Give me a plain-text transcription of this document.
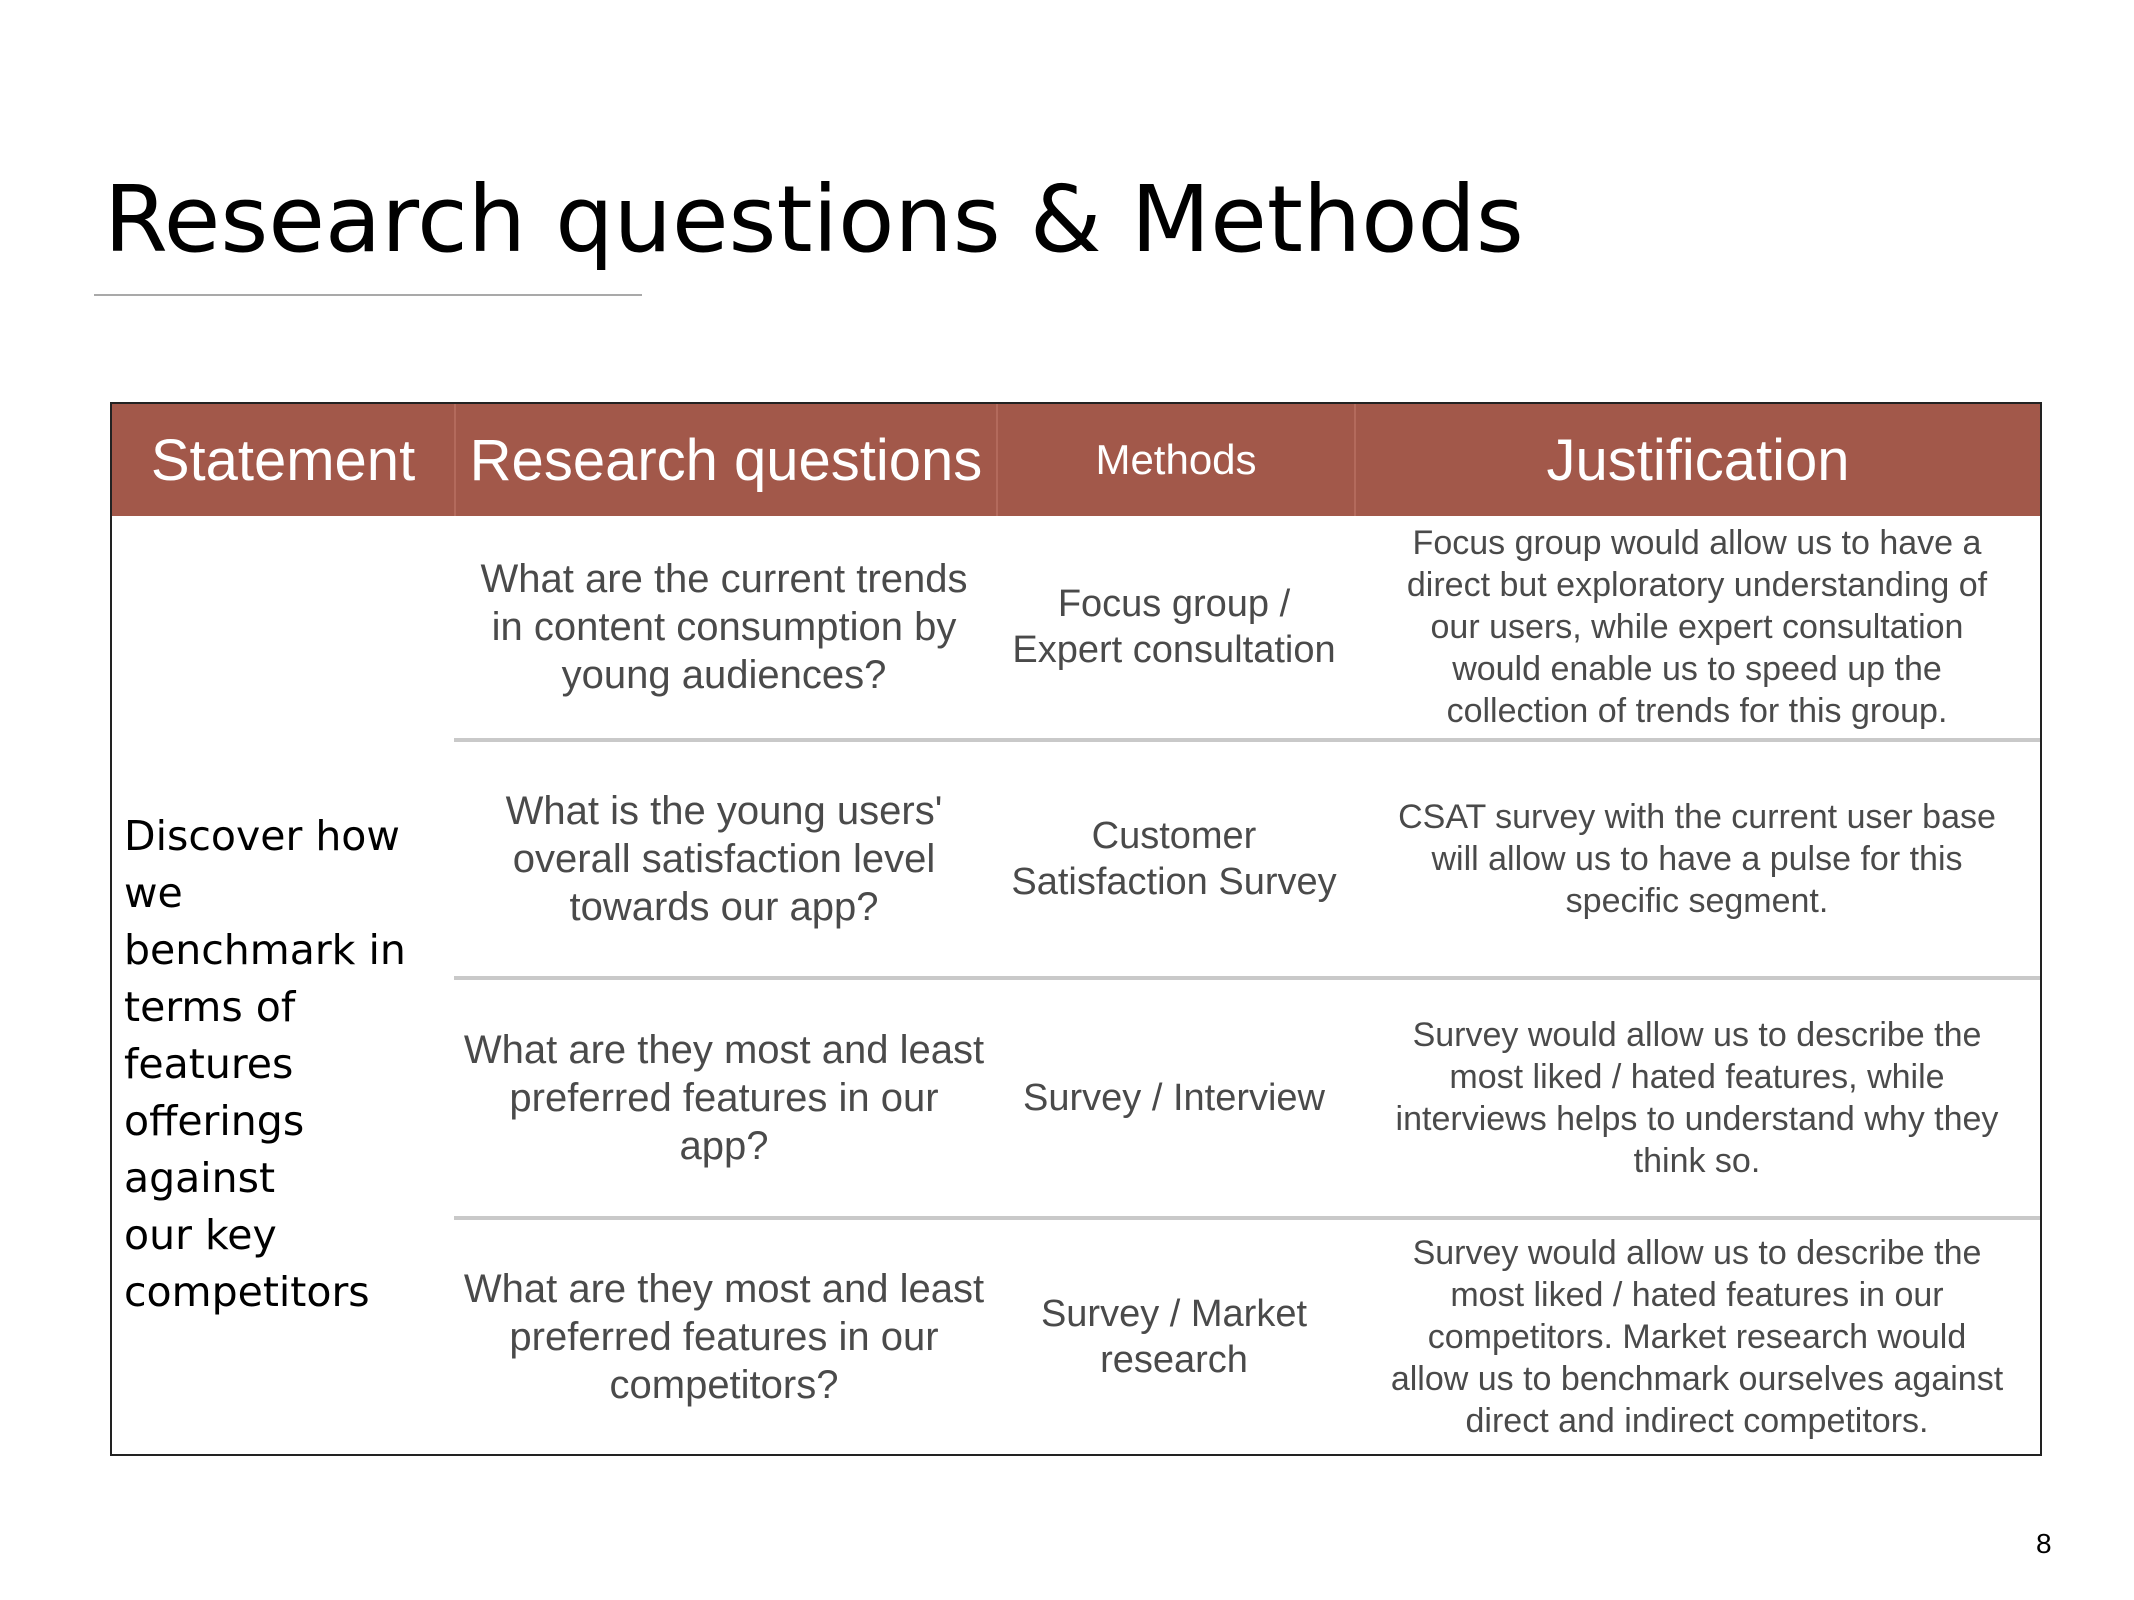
Research questions & Methods
Statement Research questions	Methods	Justification
Discover how we
benchmark in
terms of features
offerings against
our key
competitors
What are the current trends
in content consumption by
young audiences?
Focus group /
Expert consultation
Focus group would allow us to have a
direct but exploratory understanding of
our users, while expert consultation
would enable us to speed up the
collection of trends for this group.
What is the young users'
overall satisfaction level
towards our app?
Customer
Satisfaction Survey
CSAT survey with the current user base
will allow us to have a pulse for this
specific segment.
What are they most and least
preferred features in our
app?
Survey / Interview
Survey would allow us to describe the
most liked / hated features, while
interviews helps to understand why they
think so.
What are they most and least
preferred features in our
competitors?
Survey / Market
research
Survey would allow us to describe the
most liked / hated features in our
competitors. Market research would
allow us to benchmark ourselves against
direct and indirect competitors.
8
